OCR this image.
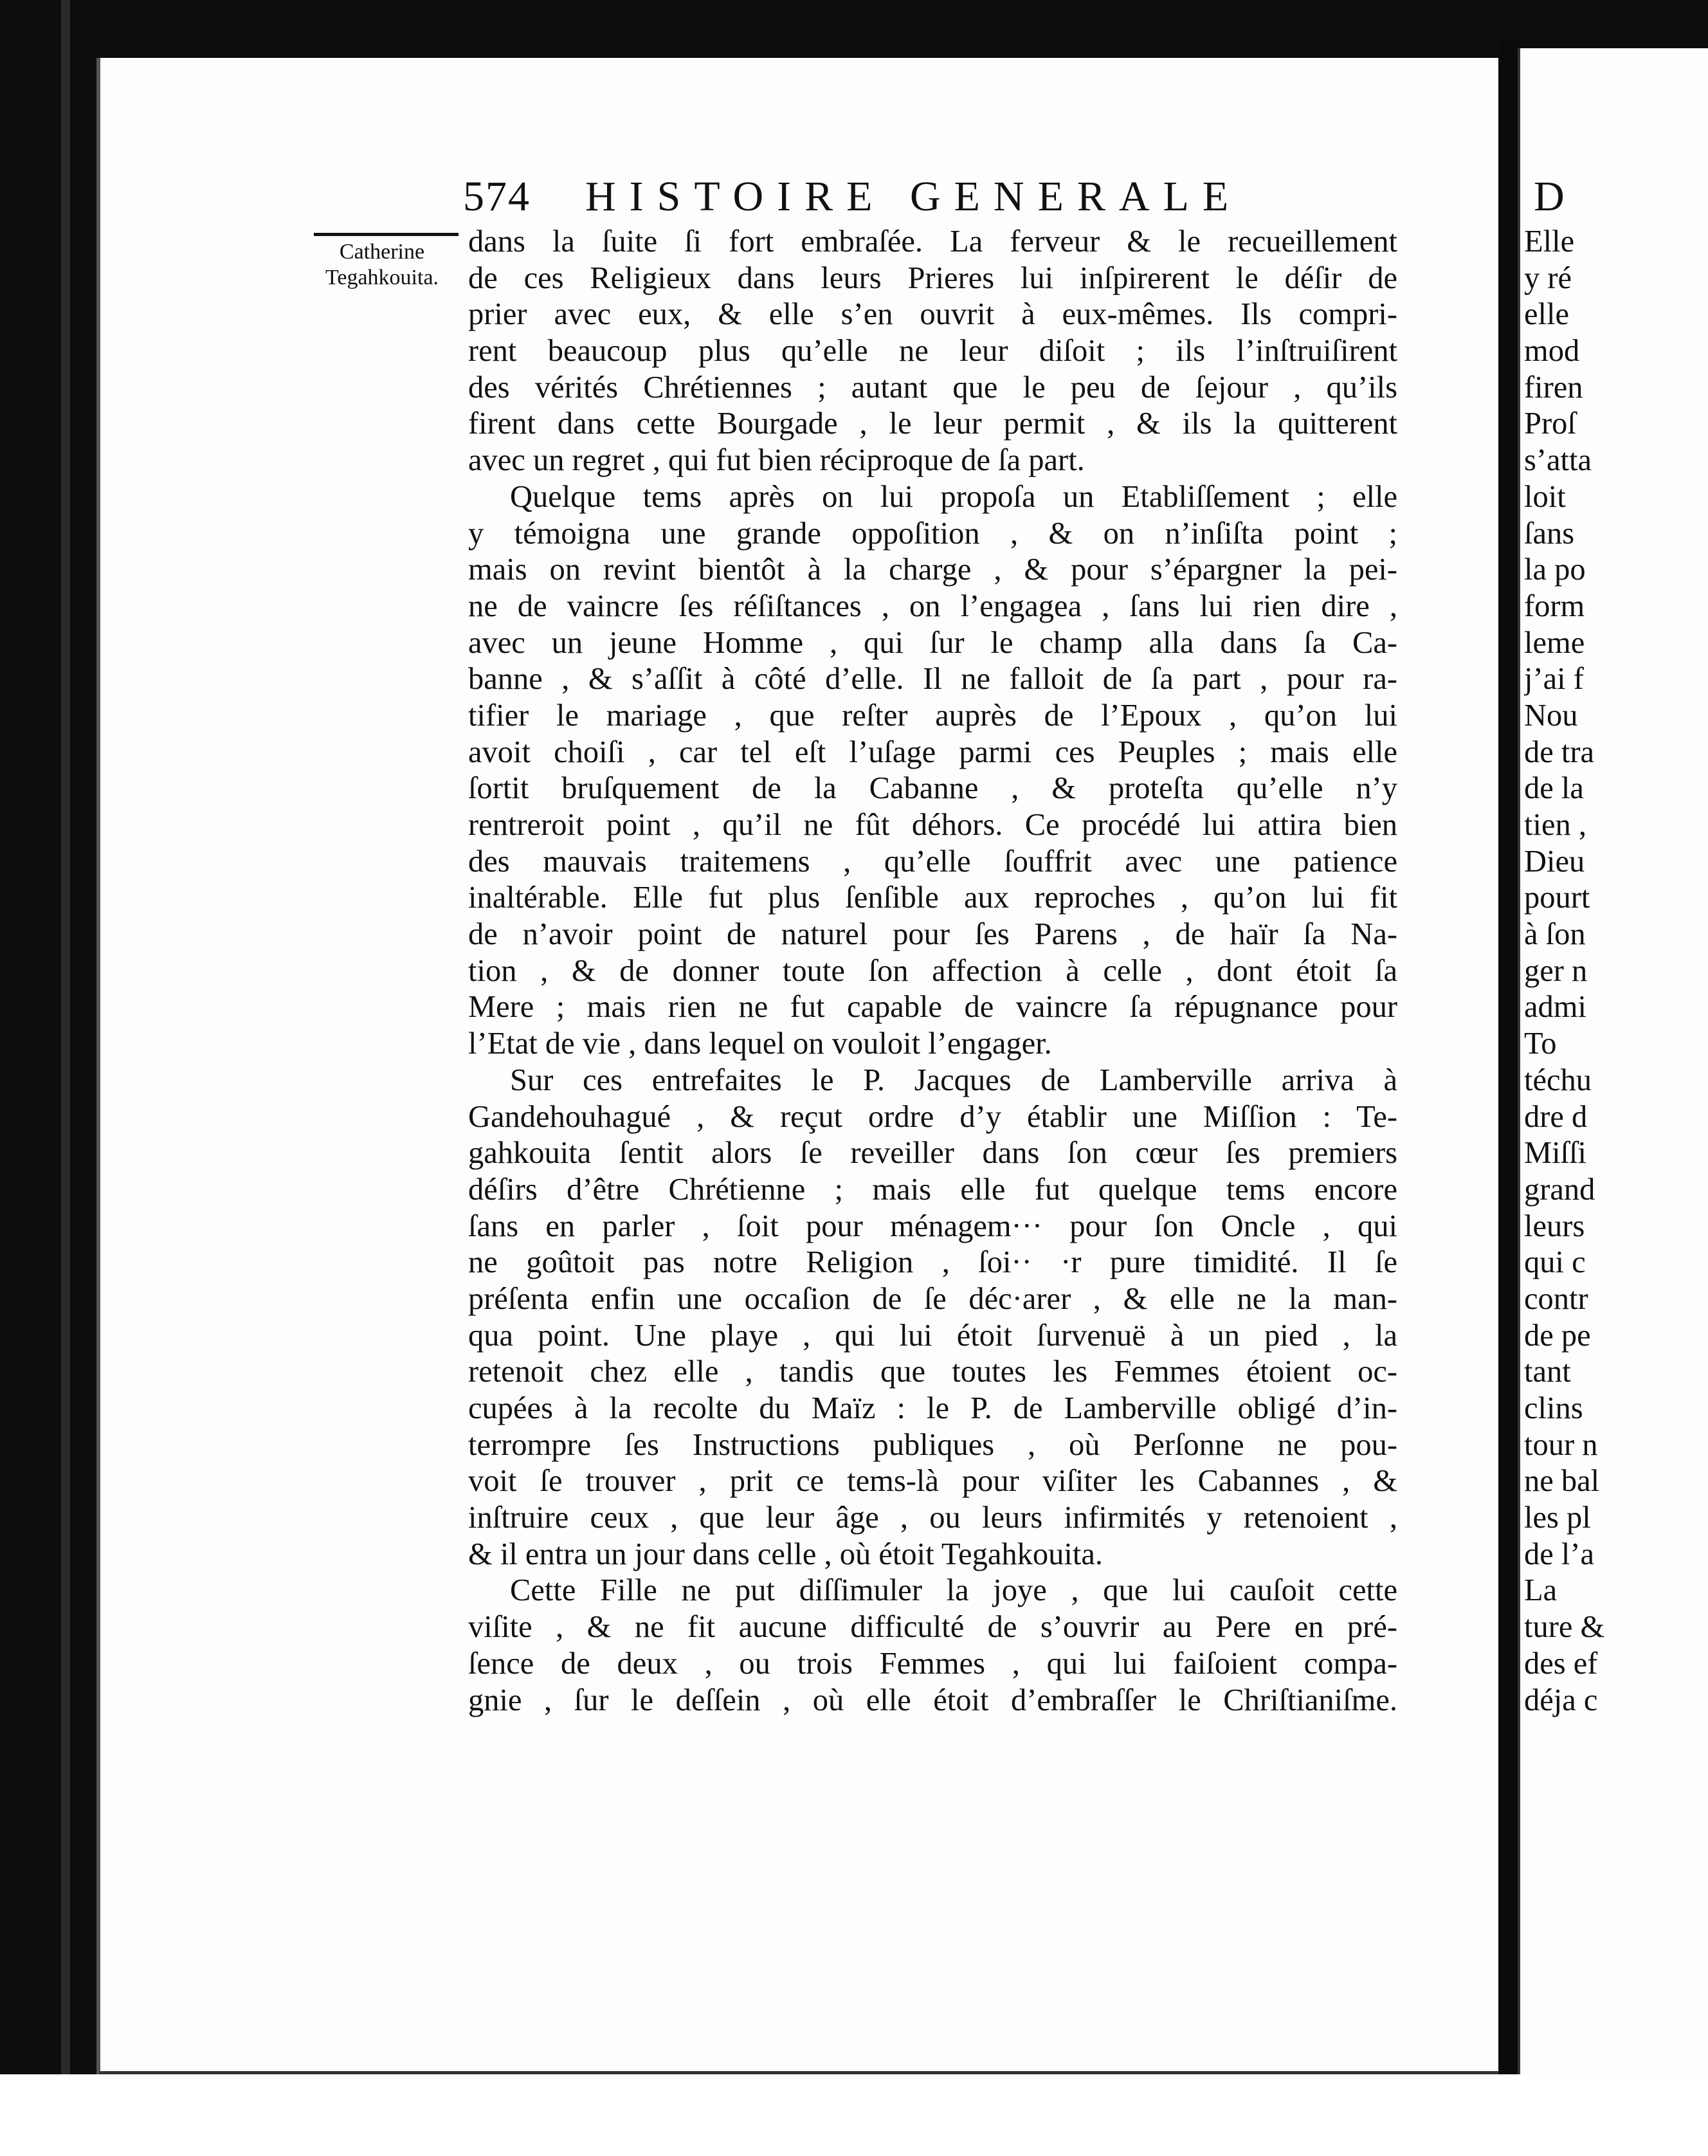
574 HISTOIRE GENERALE
Catherine
Tegahkouita.
dans la ſuite ſi fort embraſée. La ferveur & le recueillement
de ces Religieux dans leurs Prieres lui inſpirerent le déſir de
prier avec eux, & elle s’en ouvrit à eux-mêmes. Ils compri-
rent beaucoup plus qu’elle ne leur diſoit ; ils l’inſtruiſirent
des vérités Chrétiennes ; autant que le peu de ſejour , qu’ils
firent dans cette Bourgade , le leur permit , & ils la quitterent
avec un regret , qui fut bien réciproque de ſa part.
Quelque tems après on lui propoſa un Etabliſſement ; elle
y témoigna une grande oppoſition , & on n’inſiſta point ;
mais on revint bientôt à la charge , & pour s’épargner la pei-
ne de vaincre ſes réſiſtances , on l’engagea , ſans lui rien dire ,
avec un jeune Homme , qui ſur le champ alla dans ſa Ca-
banne , & s’aſſit à côté d’elle. Il ne falloit de ſa part , pour ra-
tifier le mariage , que reſter auprès de l’Epoux , qu’on lui
avoit choiſi , car tel eſt l’uſage parmi ces Peuples ; mais elle
ſortit bruſquement de la Cabanne , & proteſta qu’elle n’y
rentreroit point , qu’il ne fût déhors. Ce procédé lui attira bien
des mauvais traitemens , qu’elle ſouffrit avec une patience
inaltérable. Elle fut plus ſenſible aux reproches , qu’on lui fit
de n’avoir point de naturel pour ſes Parens , de haïr ſa Na-
tion , & de donner toute ſon affection à celle , dont étoit ſa
Mere ; mais rien ne fut capable de vaincre ſa répugnance pour
l’Etat de vie , dans lequel on vouloit l’engager.
Sur ces entrefaites le P. Jacques de Lamberville arriva à
Gandehouhagué , & reçut ordre d’y établir une Miſſion : Te-
gahkouita ſentit alors ſe reveiller dans ſon cœur ſes premiers
déſirs d’être Chrétienne ; mais elle fut quelque tems encore
ſans en parler , ſoit pour ménagem··· pour ſon Oncle , qui
ne goûtoit pas notre Religion , ſoi·· ·r pure timidité. Il ſe
préſenta enfin une occaſion de ſe déc·arer , & elle ne la man-
qua point. Une playe , qui lui étoit ſurvenuë à un pied , la
retenoit chez elle , tandis que toutes les Femmes étoient oc-
cupées à la recolte du Maïz : le P. de Lamberville obligé d’in-
terrompre ſes Instructions publiques , où Perſonne ne pou-
voit ſe trouver , prit ce tems-là pour viſiter les Cabannes , &
inſtruire ceux , que leur âge , ou leurs infirmités y retenoient ,
& il entra un jour dans celle , où étoit Tegahkouita.
Cette Fille ne put diſſimuler la joye , que lui cauſoit cette
viſite , & ne fit aucune difficulté de s’ouvrir au Pere en pré-
ſence de deux , ou trois Femmes , qui lui faiſoient compa-
gnie , ſur le deſſein , où elle étoit d’embraſſer le Chriſtianiſme.
D
Elle
y ré
elle
mod
firen
Proſ
s’atta
loit
ſans
la po
form
leme
j’ai f
Nou
de tra
de la
tien ,
Dieu
pourt
à ſon
ger n
admi
To
téchu
dre d
Miſſi
grand
leurs
qui c
contr
de pe
tant
clins
tour n
ne bal
les pl
de l’a
La
ture &
des ef
déja c
